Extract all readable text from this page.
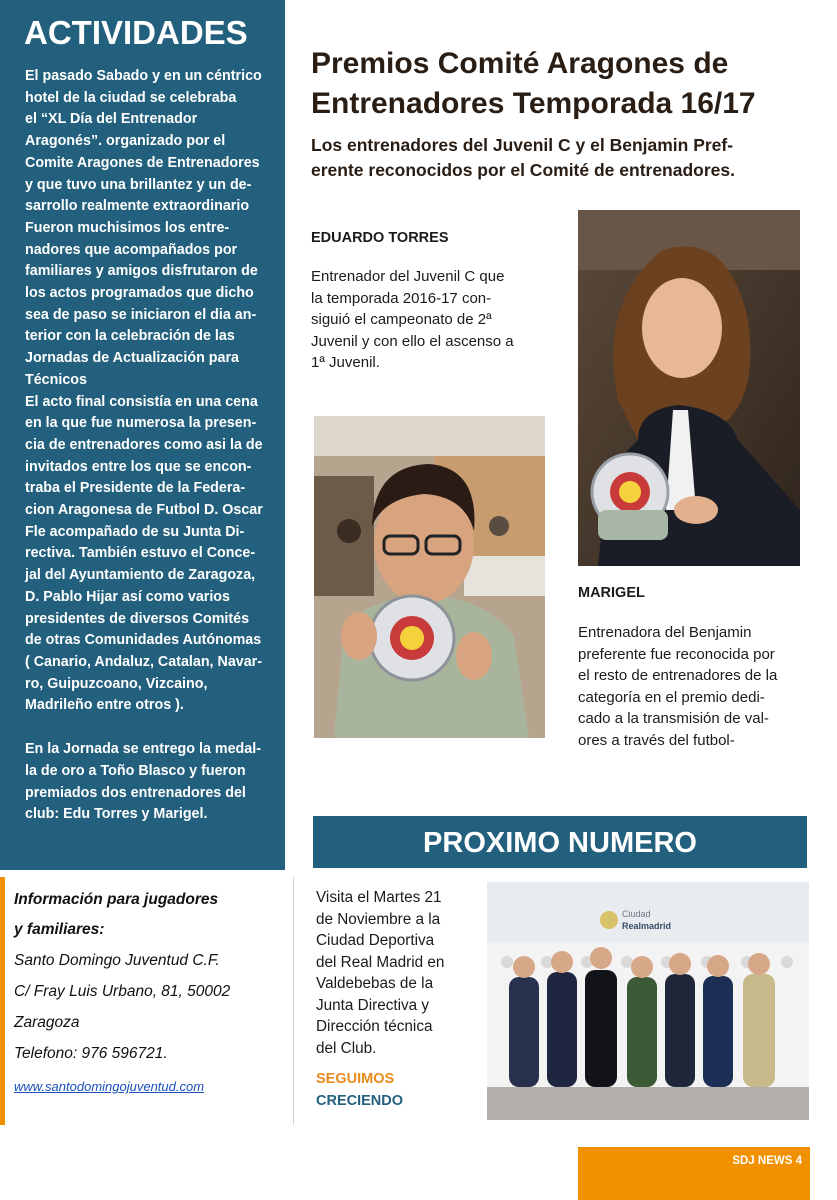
ACTIVIDADES

El pasado Sabado y en un céntrico
hotel de la ciudad se celebraba
el “XL Día del Entrenador
Aragonés”. organizado por el
Comite Aragones de Entrenadores
y que tuvo una brillantez y un de-
sarrollo realmente extraordinario

Fueron muchisimos los entre-
nadores que acompañados por
familiares y amigos disfrutaron de
los actos programados que dicho
sea de paso se iniciaron el dia an-
terior con la celebración de las
Jornadas de Actualización para
Técnicos

El acto final consistía en una cena
en la que fue numerosa la presen-
cia de entrenadores como asi la de
invitados entre los que se encon-
traba el Presidente de la Federa-
cion Aragonesa de Futbol D. Oscar
Fle acompañado de su Junta Di-
rectiva. También estuvo el Conce-
jal del Ayuntamiento de Zaragoza,
D. Pablo Hijar así como varios
presidentes de diversos Comités
de otras Comunidades Autónomas
( Canario, Andaluz, Catalan, Navar-
ro, Guipuzcoano, Vizcaino,
Madrileño entre otros ).

En la Jornada se entrego la medal-
la de oro a Toño Blasco y fueron
premiados dos entrenadores del
club: Edu Torres y Marigel.

Información para jugadores
y familiares:
Santo Domingo Juventud C.F.
C/ Fray Luis Urbano, 81, 50002
Zaragoza
Telefono: 976 596721.
www.santodomingojuventud.com
Premios Comité Aragones de
Entrenadores Temporada 16/17
Los entrenadores del Juvenil C y el Benjamin Pref-
erente reconocidos por el Comité de entrenadores.
EDUARDO TORRES

Entrenador del Juvenil C que
la temporada 2016-17 con-
siguió el campeonato de 2ª
Juvenil y con ello el ascenso a
1ª Juvenil.

MARIGEL

Entrenadora del Benjamin
preferente fue reconocida por
el resto de entrenadores de la
categoría en el premio dedi-
cado a la transmisión de val-
ores a través del futbol-

PROXIMO NUMERO

Visita el Martes 21
de Noviembre a la
Ciudad Deportiva
del Real Madrid en
Valdebebas de la
Junta Directiva y
Dirección técnica
del Club.

SEGUIMOS
CRECIENDO
Ciudad
Realmadrid
SDJ NEWS 4
